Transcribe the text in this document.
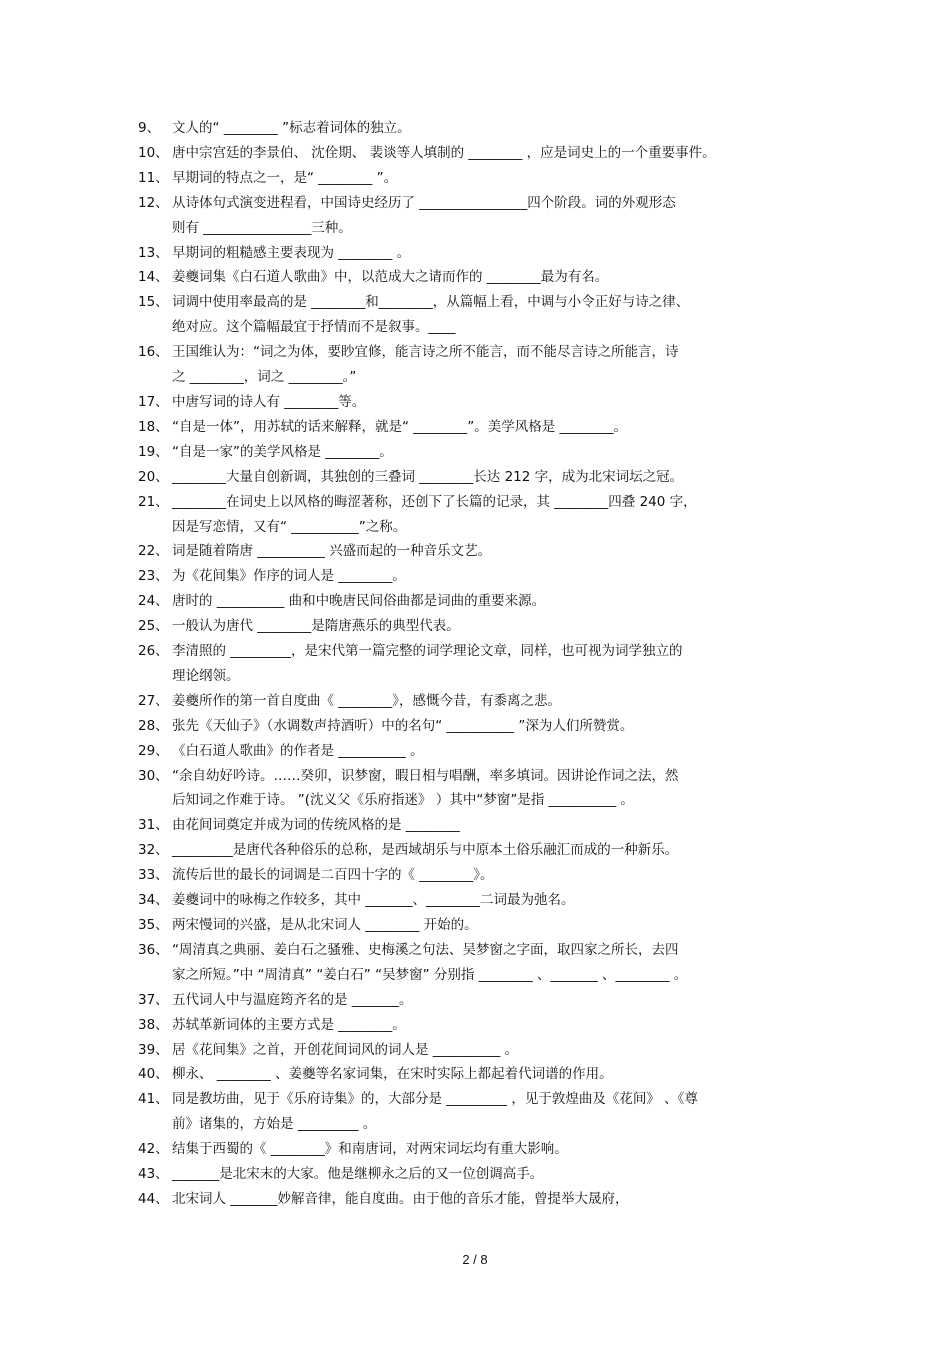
9、 文人的“ ________ ”标志着词体的独立。
10、 唐中宗宫廷的李景伯、 沈佺期、 裴谈等人填制的 ________ ，应是词史上的一个重要事件。
11、 早期词的特点之一，是“ ________ ”。
12、 从诗体句式演变进程看，中国诗史经历了 ________________四个阶段。词的外观形态
则有 ________________三种。
13、 早期词的粗糙感主要表现为 ________ 。
14、 姜夔词集《白石道人歌曲》中，以范成大之请而作的 ________最为有名。
15、 词调中使用率最高的是 ________和________，从篇幅上看，中调与小令正好与诗之律、
绝对应。这个篇幅最宜于抒情而不是叙事。____
16、 王国维认为：“词之为体，要眇宜修，能言诗之所不能言，而不能尽言诗之所能言，诗
之 ________，词之 ________。”
17、 中唐写词的诗人有 ________等。
18、 “自是一体”，用苏轼的话来解释，就是“ ________”。美学风格是 ________。
19、 “自是一家”的美学风格是 ________。
20、 ________大量自创新调，其独创的三叠词 ________长达 212 字，成为北宋词坛之冠。
21、 ________在词史上以风格的晦涩著称，还创下了长篇的记录，其 ________四叠 240 字，
因是写恋情，又有“ __________”之称。
22、 词是随着隋唐 __________ 兴盛而起的一种音乐文艺。
23、 为《花间集》作序的词人是 ________。
24、 唐时的 __________ 曲和中晚唐民间俗曲都是词曲的重要来源。
25、 一般认为唐代 ________是隋唐燕乐的典型代表。
26、 李清照的 _________，是宋代第一篇完整的词学理论文章，同样，也可视为词学独立的
理论纲领。
27、 姜夔所作的第一首自度曲《 ________》，感慨今昔，有黍离之悲。
28、 张先《天仙子》（水调数声持酒听）中的名句“ __________ ”深为人们所赞赏。
29、 《白石道人歌曲》的作者是 __________ 。
30、 “余自幼好吟诗。……癸卯，识梦窗，暇日相与唱酬，率多填词。因讲论作词之法，然
后知词之作难于诗。 ”(沈义父《乐府指迷》 ）其中“梦窗”是指 __________ 。
31、 由花间词奠定并成为词的传统风格的是 ________
32、 _________是唐代各种俗乐的总称，是西域胡乐与中原本土俗乐融汇而成的一种新乐。
33、 流传后世的最长的词调是二百四十字的《 ________》。
34、 姜夔词中的咏梅之作较多，其中 _______、________二词最为弛名。
35、 两宋慢词的兴盛，是从北宋词人 ________ 开始的。
36、 “周清真之典丽、姜白石之骚雅、史梅溪之句法、吴梦窗之字面，取四家之所长，去四
家之所短。”中 “周清真” “姜白石” “吴梦窗” 分别指 ________ 、_______ 、________ 。
37、 五代词人中与温庭筠齐名的是 _______。
38、 苏轼革新词体的主要方式是 ________。
39、 居《花间集》之首，开创花间词风的词人是 __________ 。
40、 柳永、 ________ 、姜夔等名家词集，在宋时实际上都起着代词谱的作用。
41、 同是教坊曲，见于《乐府诗集》的，大部分是 _________ ，见于敦煌曲及《花间》 、《尊
前》诸集的，方始是 _________ 。
42、 结集于西蜀的《 ________》和南唐词，对两宋词坛均有重大影响。
43、 _______是北宋末的大家。他是继柳永之后的又一位创调高手。
44、 北宋词人 _______妙解音律，能自度曲。由于他的音乐才能，曾提举大晟府，
2 / 8
